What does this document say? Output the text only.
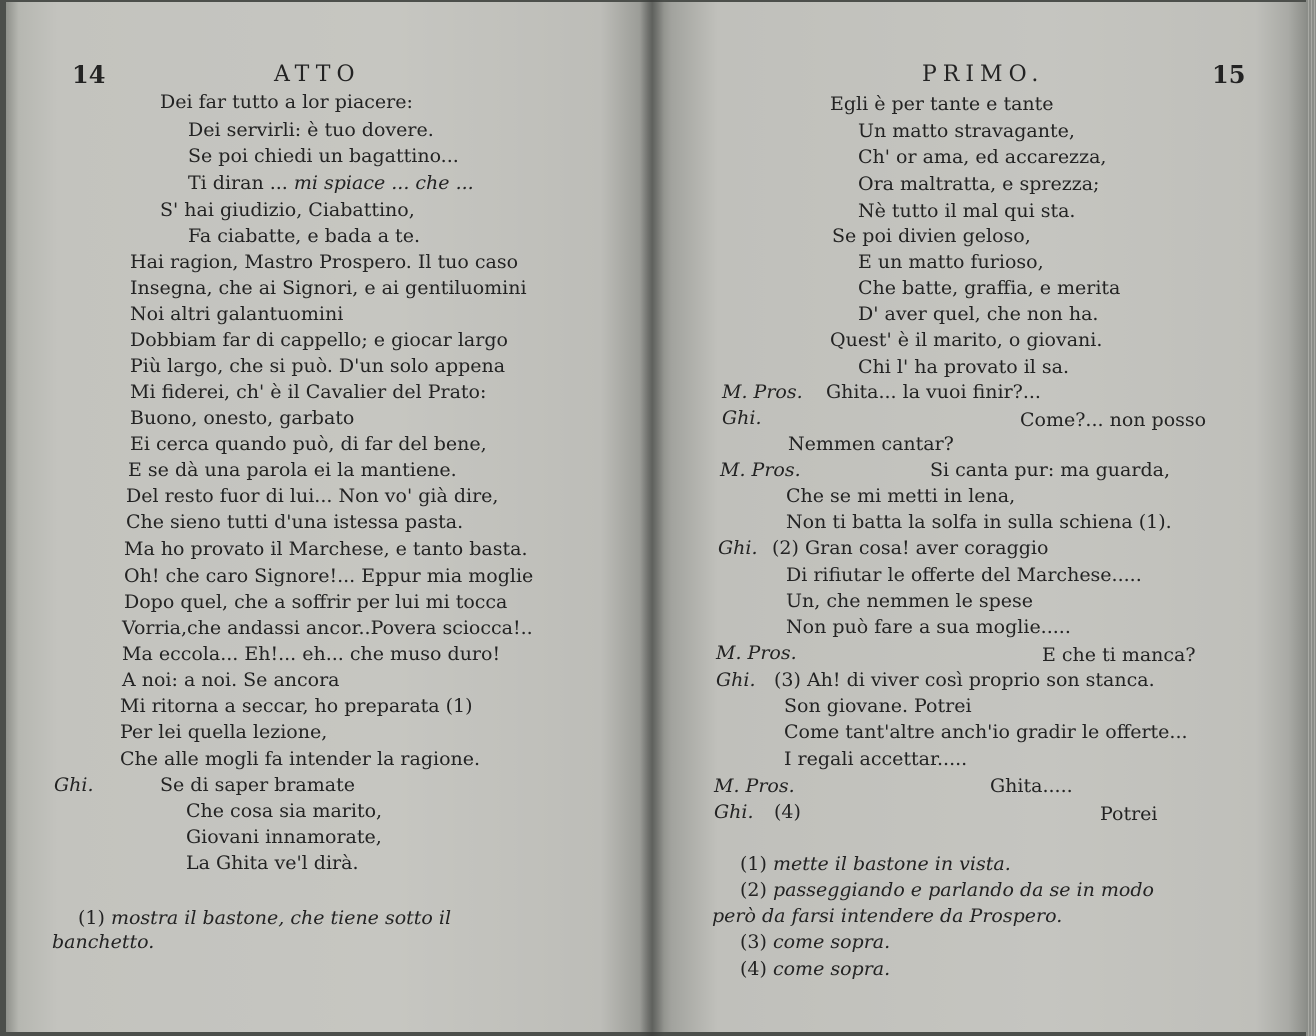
14	ATTO
Dei far tutto a lor piacere:
Dei servirli: è tuo dovere.
Se poi chiedi un bagattino...
Ti diran ... mi spiace ... che ...
S' hai giudizio, Ciabattino,
Fa ciabatte, e bada a te.
Hai ragion, Mastro Prospero. Il tuo caso
Insegna, che ai Signori, e ai gentiluomini
Noi altri galantuomini
Dobbiam far di cappello; e giocar largo
Più largo, che si può. D'un solo appena
Mi fiderei, ch' è il Cavalier del Prato:
Buono, onesto, garbato
Ei cerca quando può, di far del bene,
E se dà una parola ei la mantiene.
Del resto fuor di lui... Non vo' già dire,
Che sieno tutti d'una istessa pasta.
Ma ho provato il Marchese, e tanto basta.
Oh! che caro Signore!... Eppur mia moglie
Dopo quel, che a soffrir per lui mi tocca
Vorria,che andassi ancor..Povera sciocca!..
Ma eccola... Eh!... eh... che muso duro!
A noi: a noi. Se ancora
Mi ritorna a seccar, ho preparata (1)
Per lei quella lezione,
Che alle mogli fa intender la ragione.
Ghi.	Se di saper bramate
Che cosa sia marito,
Giovani innamorate,
La Ghita ve'l dirà.
(1) mostra il bastone, che tiene sotto il
banchetto.
PRIMO.	15
Egli è per tante e tante
Un matto stravagante,
Ch' or ama, ed accarezza,
Ora maltratta, e sprezza;
Nè tutto il mal qui sta.
Se poi divien geloso,
E un matto furioso,
Che batte, graffia, e merita
D' aver quel, che non ha.
Quest' è il marito, o giovani.
Chi l' ha provato il sa.
M. Pros. Ghita... la vuoi finir?...
Ghi.	Come?... non posso
Nemmen cantar?
M. Pros.	Si canta pur: ma guarda,
Che se mi metti in lena,
Non ti batta la solfa in sulla schiena (1).
Ghi. (2) Gran cosa! aver coraggio
Di rifiutar le offerte del Marchese.....
Un, che nemmen le spese
Non può fare a sua moglie.....
M. Pros.	E che ti manca?
Ghi. (3) Ah! di viver così proprio son stanca.
Son giovane. Potrei
Come tant'altre anch'io gradir le offerte...
I regali accettar.....
M. Pros.	Ghita.....
Ghi. (4)	Potrei
(1) mette il bastone in vista.
(2) passeggiando e parlando da se in modo
però da farsi intendere da Prospero.
(3) come sopra.
(4) come sopra.
